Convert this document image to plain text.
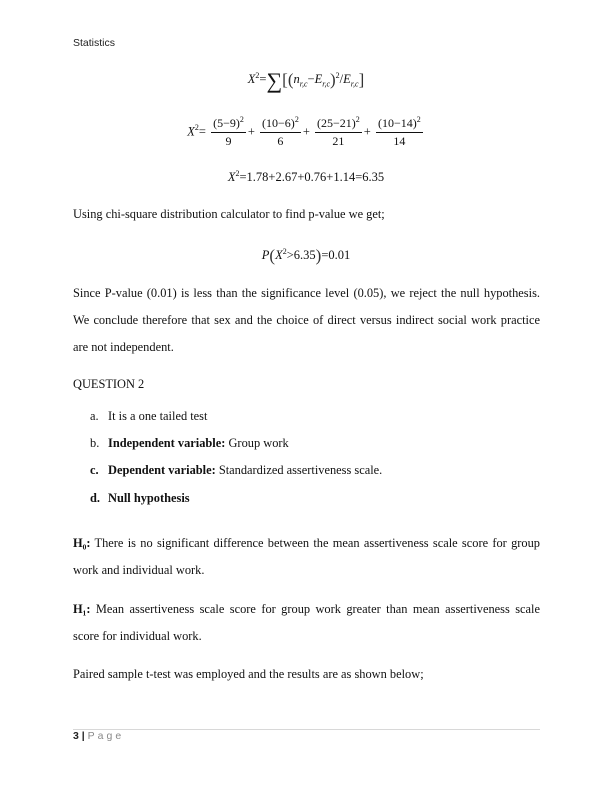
Statistics
$X^2=\sum[(n_{r,c}-E_{r,c})^2/E_{r,c}]$
$X^2= \frac{(5-9)^2}{9} + \frac{(10-6)^2}{6} + \frac{(25-21)^2}{21} + \frac{(10-14)^2}{14}$
$X^2=1.78+2.67+0.76+1.14=6.35$
Using chi-square distribution calculator to find p-value we get;
$P(X^2>6.35)=0.01$
Since P-value (0.01) is less than the significance level (0.05), we reject the null hypothesis. We conclude therefore that sex and the choice of direct versus indirect social work practice are not independent.
QUESTION 2
a. It is a one tailed test
b. Independent variable: Group work
c. Dependent variable: Standardized assertiveness scale.
d. Null hypothesis
H₀: There is no significant difference between the mean assertiveness scale score for group work and individual work.
H₁: Mean assertiveness scale score for group work greater than mean assertiveness scale score for individual work.
Paired sample t-test was employed and the results are as shown below;
3 | Page
